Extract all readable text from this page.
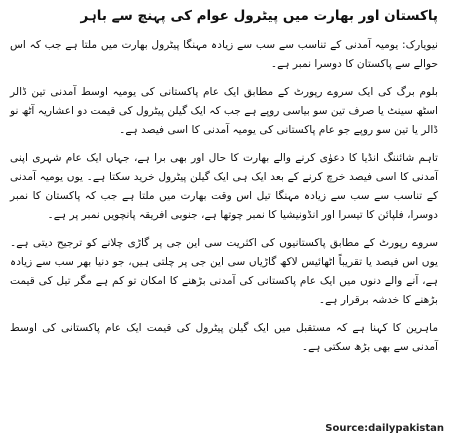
پاکستان اور بھارت میں پیٹرول عوام کی پہنچ سے باہر

نیویارک: یومیہ آمدنی کے تناسب سے سب سے زیادہ مہنگا پیٹرول بھارت میں ملتا ہے جب کہ اس حوالے سے پاکستان کا دوسرا نمبر ہے۔

بلوم برگ کی ایک سروے رپورٹ کے مطابق ایک عام پاکستانی کی یومیہ اوسط آمدنی تین ڈالر اسٹھ سینٹ یا صرف تین سو بیاسی روپے ہے جب کہ ایک گیلن پیٹرول کی قیمت دو اعشاریہ آٹھ نو ڈالر یا تین سو روپے جو عام پاکستانی کی یومیہ آمدنی کا اسی فیصد ہے۔

تاہم شائننگ انڈیا کا دعوٰی کرنے والے بھارت کا حال اور بھی برا ہے، جہاں ایک عام شہری اپنی آمدنی کا اسی فیصد خرچ کرنے کے بعد ایک ہی ایک گیلن پیٹرول خرید سکتا ہے۔ یوں یومیہ آمدنی کے تناسب سے سب سے زیادہ مہنگا تیل اس وقت بھارت میں ملتا ہے جب کہ پاکستان کا نمبر دوسرا، فلپائن کا تیسرا اور انڈونیشیا کا نمبر چوتھا ہے، جنوبی افریقہ پانچویں نمبر پر ہے۔

سروے رپورٹ کے مطابق پاکستانیوں کی اکثریت سی این جی پر گاڑی چلانے کو ترجیح دیتی ہے۔ یوں اس فیصد یا تقریباً اٹھائیس لاکھ گاڑیاں سی این جی پر چلتی ہیں، جو دنیا بھر سب سے زیادہ ہے، آنے والے دنوں میں ایک عام پاکستانی کی آمدنی بڑھنے کا امکان تو کم ہے مگر تیل کی قیمت بڑھنے کا خدشہ برقرار ہے۔

ماہرین کا کہنا ہے کہ مستقبل میں ایک گیلن پیٹرول کی قیمت ایک عام پاکستانی کی اوسط آمدنی سے بھی بڑھ سکتی ہے۔

Source:dailypakistan
